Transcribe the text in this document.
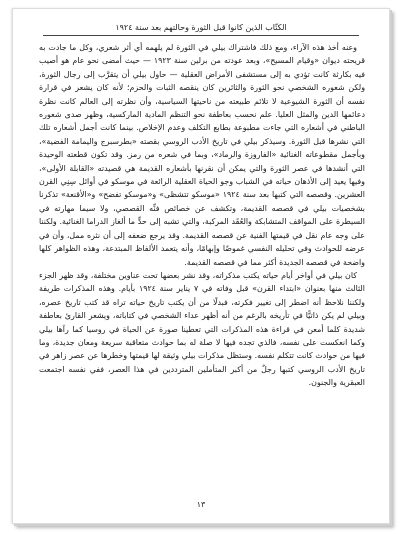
الكتَّاب الذين كانوا قبل الثورة وحالتهم بعد سنة ١٩٢٤

وعنه أخذ هذه الآراء، ومع ذلك فاشتراك بيلي في الثورة لم يلهمه أي أثر شعري، وكل ما جادت به قريحته ديوان «وقيام المسيح»، وبعد عودته من برلين سنة ١٩٢٣ — حيث أمضى نحو عام هو أصيب فيه بكارثة كانت تؤدي به إلى مستشفى الأمراض العقلية — حاول بيلي أن يتقرَّب إلى رجال الثورة، ولكن شعوره الشخصي نحو الثورة والثائرين كان ينقصه الثبات والحزم؛ لأنه كان يشعر في قرارة نفسه أن الثورة الشيوعية لا تلائم طبيعته من ناحيتها السياسية، وأن نظرته إلى العالم كانت نظرة دعائمها الدين والمثل العليا. علم نحسب بعاطفة نحو التنظم المادية الماركسية، وظهر صدى شعوره الباطني في أشعاره التي جاءت مطبوعة بطابع التكلف وعدم الإخلاص. بينما كانت أجمل أشعاره تلك التي نشرها قبل الثورة. وسيذكر بيلي في تاريخ الأدب الروسي بقصته «بطرسبرج واليمامة الفضية»، وبأجمل مقطوعاته الغنائية «الفاروزة والرماد»، وبما في شعره من رمز. وقد تكون قطعته الوحيدة التي أنشدها في عصر الثورة والتي يمكن أن نقرنها بأشعاره القديمة هي قصيدته «القابلة الأولى»، وفيها يعيد إلى الأذهان حياته في الشباب وجو الحياة العقلية الرائعة في موسكو في أوائل سِنِي القرن العشرين. وقصصه التي كتبها بعد سنة ١٩٢٤ «موسكو تتشظى» و«موسكو تفضح» و«الأقنعة» تذكرنا بشخصيات بيلي في قصصه القديمة، وتكشف عن خصائص فنِّه القصصي، ولا سيما مهارته في السيطرة على المواقف المتشابكة والعُقَد المركبة، والتي تشبه إلى حدٍّ ما ألغاز الدراما الغنائية. ولكننا على وجه عام نقل في قيمتها الفنية عن قصصه القديمة. وقد يرجع ضعفه إلى أن نثره ممل، وأن في عرضه للحوادث وفي تحليله النفسي غموضًا وإبهامًا، وأنه يتعمد الألفاظ المبتدعة، وهذه الظواهر كلها واضحة في قصصه الجديدة أكثر مما في قصصه القديمة.

كان بيلي في أواخر أيام حياته يكتب مذكراته، وقد نشر بعضها تحت عناوين مختلفة، وقد ظهر الجزء الثالث منها بعنوان «ابتداء القرن» قبل وفاته في ٧ يناير سنة ١٩٢٤ بأيام. وهذه المذكرات طريفة ولكننا نلاحظ أنه اضطر إلى تغيير فكرته، فبدلًا من أن يكتب تاريخ حياته تراه قد كتب تاريخ عصره، وبيلي لم يكن ذاتيًّا في تأريخه بالرغم من أنه أظهر عداء الشخصي في كتاباته، ويشعر القارئ بعاطفة شديدة كلما أمعن في قراءة هذه المذكرات التي تعطينا صورة عن الحياة في روسيا كما رآها بيلي وكما انعكست على نفسه، فالذي تجده فيها لا صلة له بما حوادث متعاقبة سريعة ومعان جديدة، وما فيها من حوادث كانت تتكلم نفسه. وستظل مذكرات بيلي وثيقة لها قيمتها وخطرها عن عصر زاهر في تاريخ الأدب الروسي كتبها رجلٌ من أكبر المتأملين المترددين في هذا العصر، ففي نفسه اجتمعت العبقرية والجنون.

١٣
